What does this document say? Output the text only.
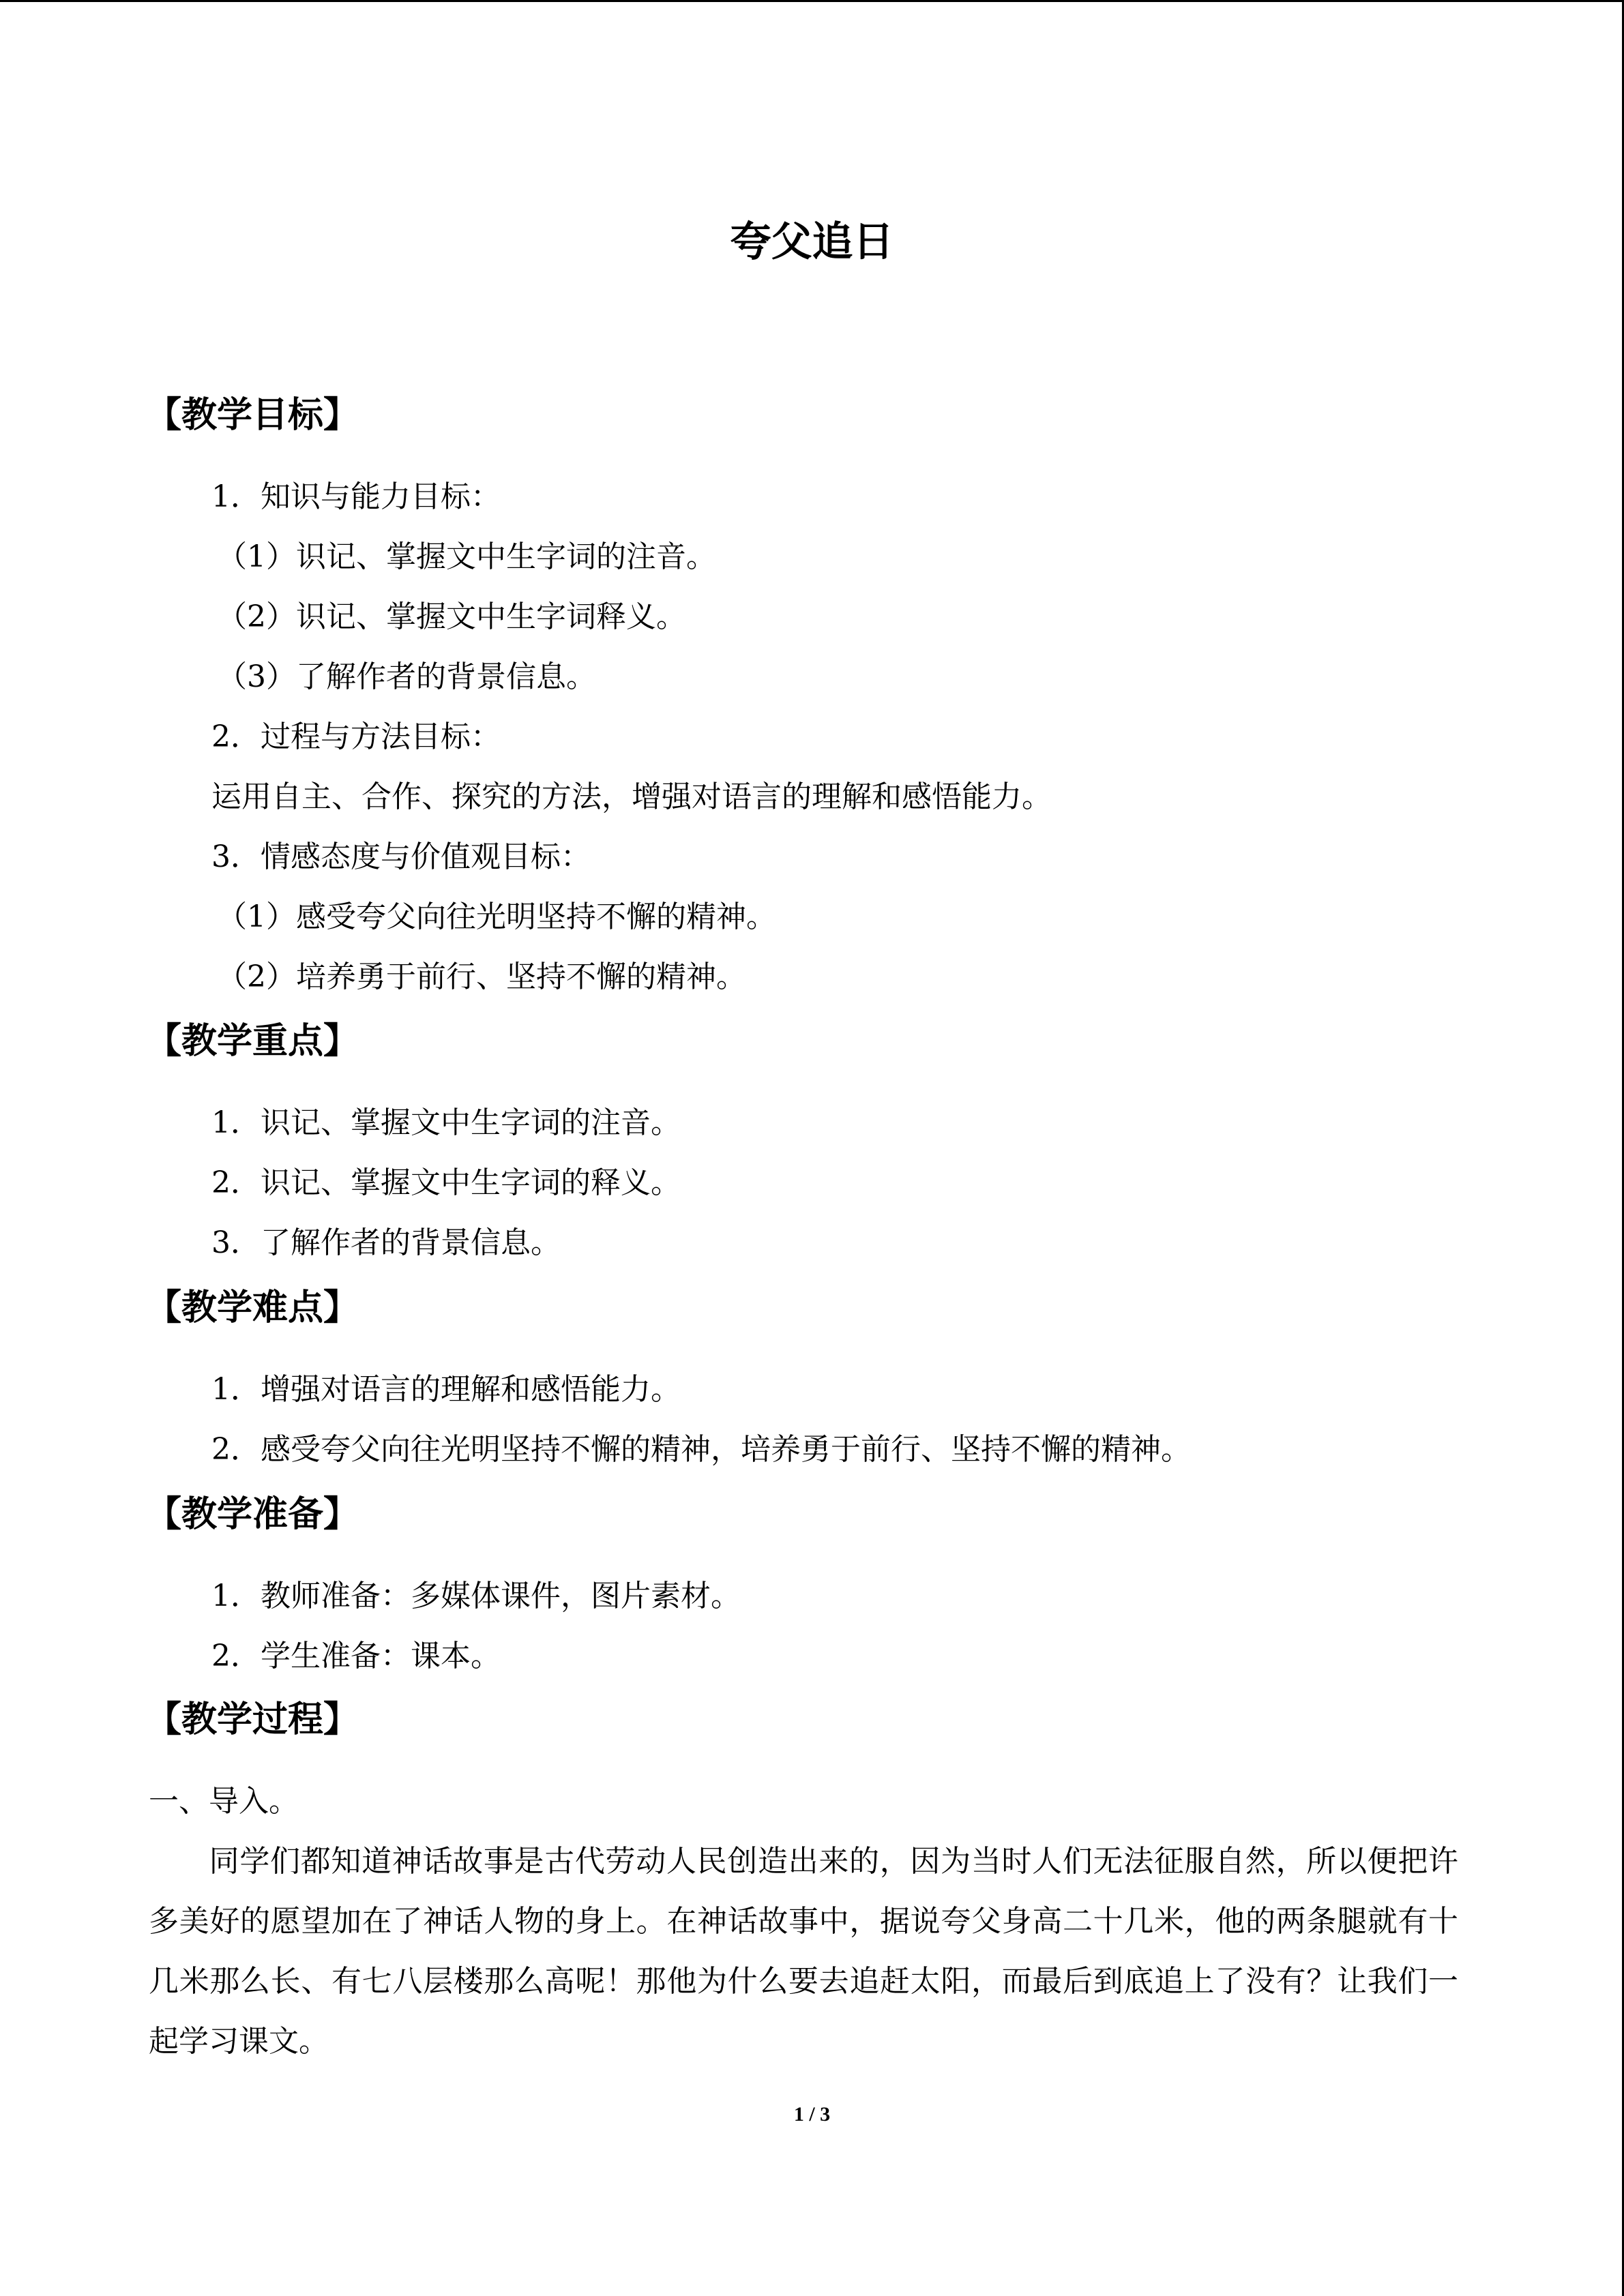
夸父追日
【教学目标】
1．知识与能力目标：
（1）识记、掌握文中生字词的注音。
（2）识记、掌握文中生字词释义。
（3）了解作者的背景信息。
2．过程与方法目标：
运用自主、合作、探究的方法，增强对语言的理解和感悟能力。
3．情感态度与价值观目标：
（1）感受夸父向往光明坚持不懈的精神。
（2）培养勇于前行、坚持不懈的精神。
【教学重点】
1．识记、掌握文中生字词的注音。
2．识记、掌握文中生字词的释义。
3．了解作者的背景信息。
【教学难点】
1．增强对语言的理解和感悟能力。
2．感受夸父向往光明坚持不懈的精神，培养勇于前行、坚持不懈的精神。
【教学准备】
1．教师准备：多媒体课件，图片素材。
2．学生准备：课本。
【教学过程】
一、导入。
同学们都知道神话故事是古代劳动人民创造出来的，因为当时人们无法征服自然，所以便把许多美好的愿望加在了神话人物的身上。在神话故事中，据说夸父身高二十几米，他的两条腿就有十几米那么长、有七八层楼那么高呢！那他为什么要去追赶太阳，而最后到底追上了没有？让我们一起学习课文。
1 / 3
